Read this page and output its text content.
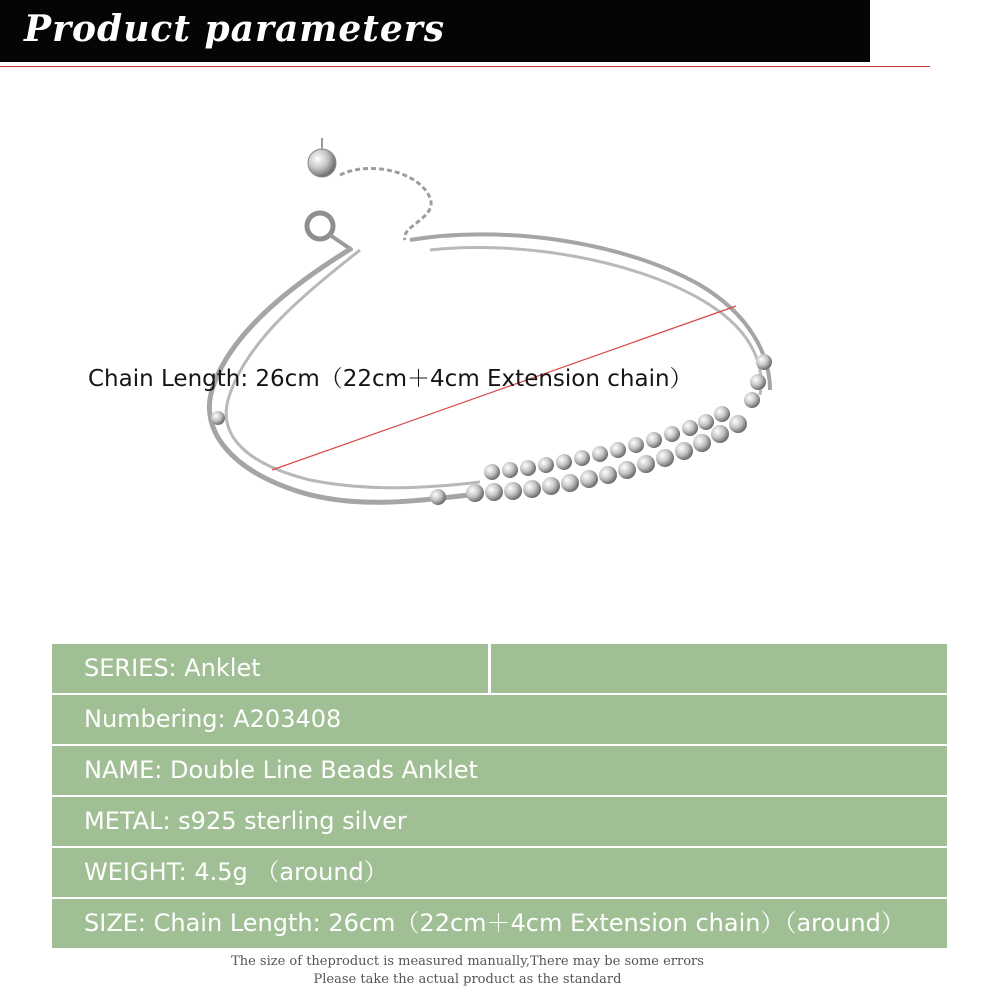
Product parameters
Chain Length: 26cm（22cm＋4cm Extension chain）
SERIES: Anklet
Numbering: A203408
NAME: Double Line Beads Anklet
METAL: s925 sterling silver
WEIGHT: 4.5g （around）
SIZE: Chain Length: 26cm（22cm＋4cm Extension chain）（around）
The size of theproduct is measured manually,There may be some errors
Please take the actual product as the standard
